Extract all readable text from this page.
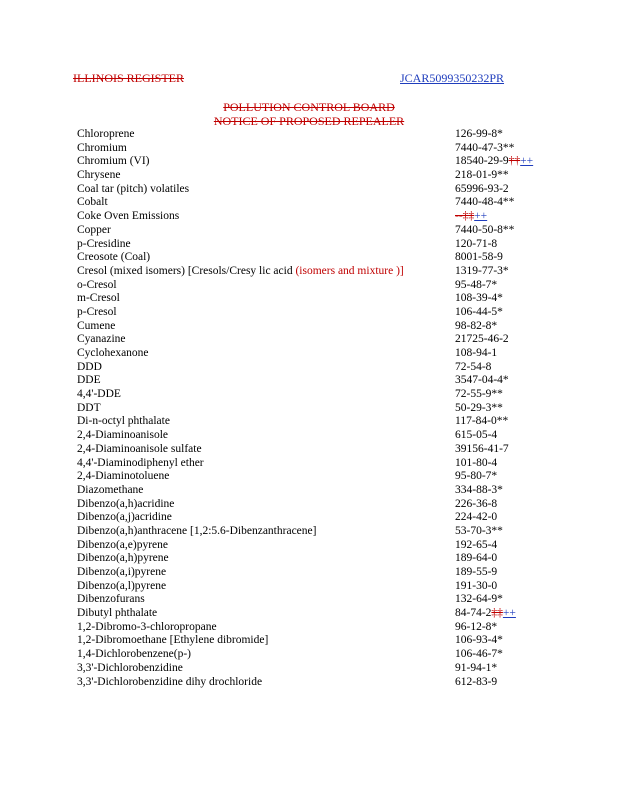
ILLINOIS REGISTER	JCAR5099350232PR
POLLUTION CONTROL BOARD
NOTICE OF PROPOSED REPEALER
Chloroprene	126-99-8*
Chromium	7440-47-3**
Chromium (VI)	18540-29-9††++
Chrysene	218-01-9**
Coal tar (pitch) volatiles	65996-93-2
Cobalt	7440-48-4**
Coke Oven Emissions	--‡‡++
Copper	7440-50-8**
p-Cresidine	120-71-8
Creosote (Coal)	8001-58-9
Cresol (mixed isomers) [Cresols/Cresy lic acid (isomers and mixture )]	1319-77-3*
o-Cresol	95-48-7*
m-Cresol	108-39-4*
p-Cresol	106-44-5*
Cumene	98-82-8*
Cyanazine	21725-46-2
Cyclohexanone	108-94-1
DDD	72-54-8
DDE	3547-04-4*
4,4'-DDE	72-55-9**
DDT	50-29-3**
Di-n-octyl phthalate	117-84-0**
2,4-Diaminoanisole	615-05-4
2,4-Diaminoanisole sulfate	39156-41-7
4,4'-Diaminodiphenyl ether	101-80-4
2,4-Diaminotoluene	95-80-7*
Diazomethane	334-88-3*
Dibenzo(a,h)acridine	226-36-8
Dibenzo(a,j)acridine	224-42-0
Dibenzo(a,h)anthracene [1,2:5.6-Dibenzanthracene]	53-70-3**
Dibenzo(a,e)pyrene	192-65-4
Dibenzo(a,h)pyrene	189-64-0
Dibenzo(a,i)pyrene	189-55-9
Dibenzo(a,l)pyrene	191-30-0
Dibenzofurans	132-64-9*
Dibutyl phthalate	84-74-2‡‡++
1,2-Dibromo-3-chloropropane	96-12-8*
1,2-Dibromoethane [Ethylene dibromide]	106-93-4*
1,4-Dichlorobenzene(p-)	106-46-7*
3,3'-Dichlorobenzidine	91-94-1*
3,3'-Dichlorobenzidine dihy drochloride	612-83-9
